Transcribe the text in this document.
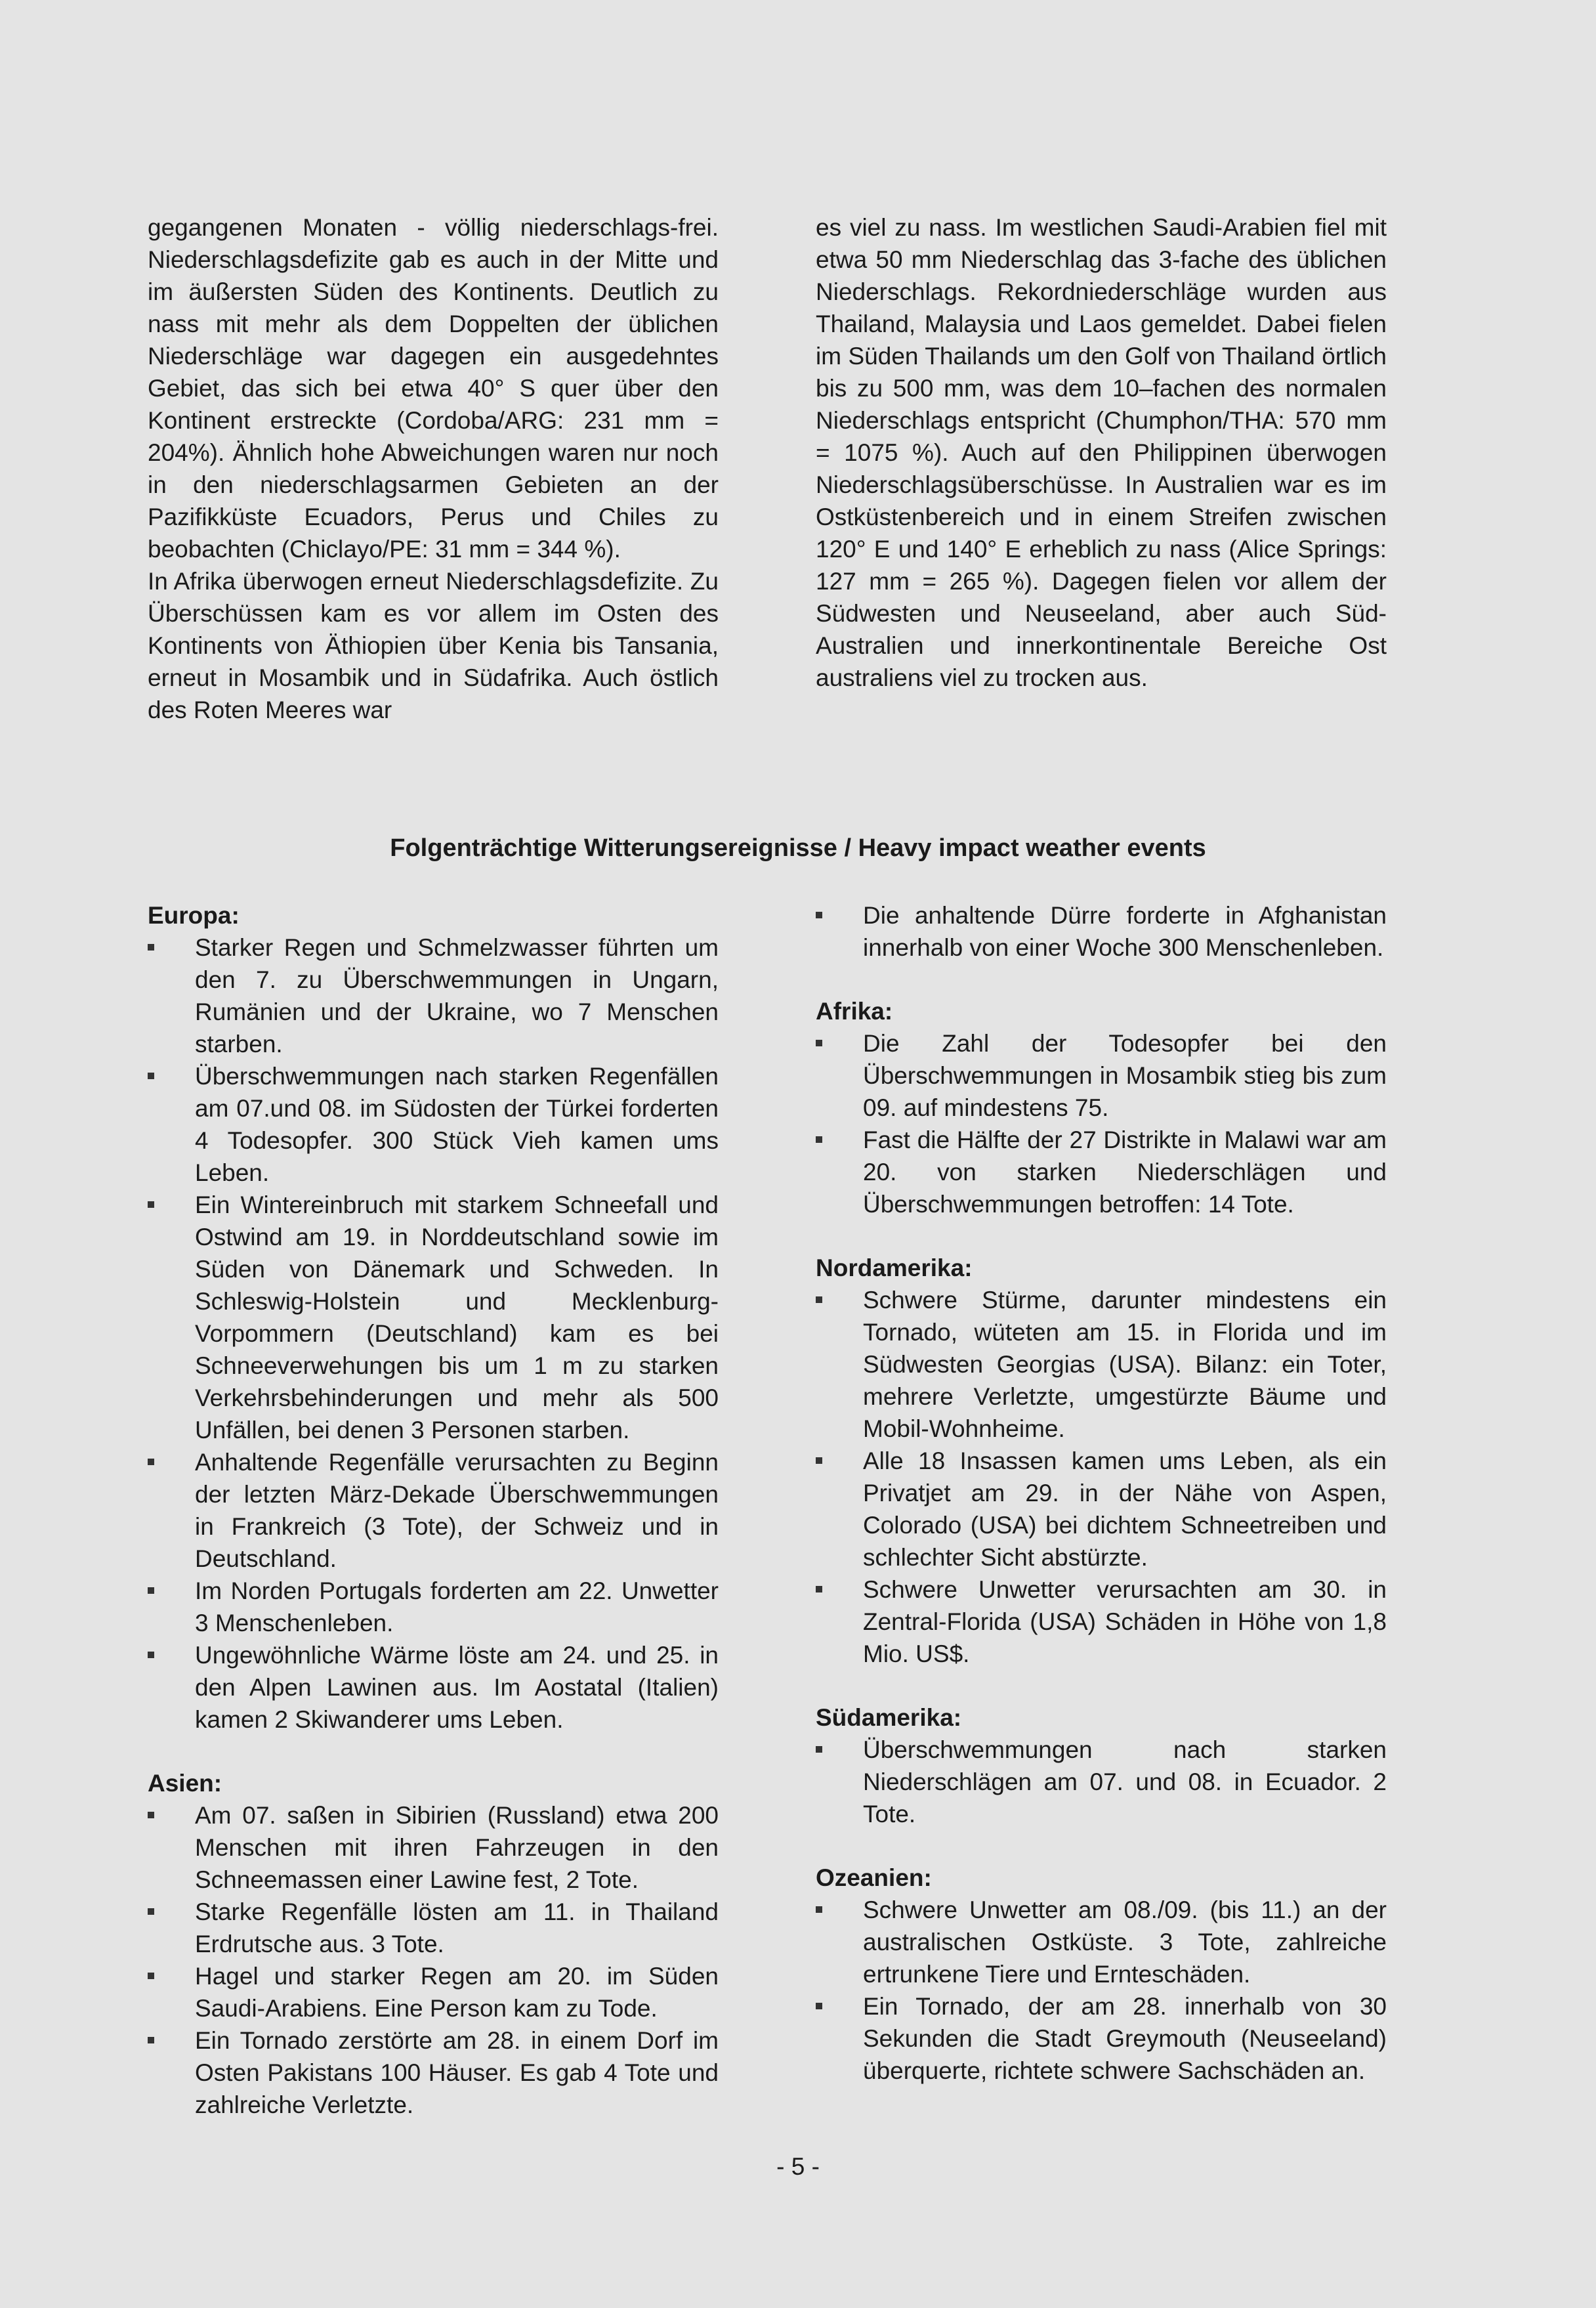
gegangenen Monaten - völlig niederschlags-frei. Niederschlagsdefizite gab es auch in der Mitte und im äußersten Süden des Kontinents. Deutlich zu nass mit mehr als dem Doppelten der üblichen Niederschläge war dagegen ein ausgedehntes Gebiet, das sich bei etwa 40° S quer über den Kontinent erstreckte (Cordoba/ARG: 231 mm = 204%). Ähnlich hohe Abweichungen waren nur noch in den niederschlagsarmen Gebieten an der Pazifikküste Ecuadors, Perus und Chiles zu beobachten (Chiclayo/PE: 31 mm = 344 %).

In Afrika überwogen erneut Niederschlagsdefizite. Zu Überschüssen kam es vor allem im Osten des Kontinents von Äthiopien über Kenia bis Tansania, erneut in Mosambik und in Südafrika. Auch östlich des Roten Meeres war

es viel zu nass. Im westlichen Saudi-Arabien fiel mit etwa 50 mm Niederschlag das 3-fache des üblichen Niederschlags. Rekordniederschläge wurden aus Thailand, Malaysia und Laos gemeldet. Dabei fielen im Süden Thailands um den Golf von Thailand örtlich bis zu 500 mm, was dem 10–fachen des normalen Niederschlags entspricht (Chumphon/THA: 570 mm = 1075 %). Auch auf den Philippinen überwogen Niederschlagsüberschüsse. In Australien war es im Ostküstenbereich und in einem Streifen zwischen 120° E und 140° E erheblich zu nass (Alice Springs: 127 mm = 265 %). Dagegen fielen vor allem der Südwesten und Neuseeland, aber auch Süd-Australien und innerkontinentale Bereiche Ost australiens viel zu trocken aus.

Folgenträchtige Witterungsereignisse / Heavy impact weather events
Europa:
Starker Regen und Schmelzwasser führten um den 7. zu Überschwemmungen in Ungarn, Rumänien und der Ukraine, wo 7 Menschen starben.
Überschwemmungen nach starken Regenfällen am 07.und 08. im Südosten der Türkei forderten 4 Todesopfer. 300 Stück Vieh kamen ums Leben.
Ein Wintereinbruch mit starkem Schneefall und Ostwind am 19. in Norddeutschland sowie im Süden von Dänemark und Schweden. In Schleswig-Holstein und Mecklenburg-Vorpommern (Deutschland) kam es bei Schneeverwehungen bis um 1 m zu starken Verkehrsbehinderungen und mehr als 500 Unfällen, bei denen 3 Personen starben.
Anhaltende Regenfälle verursachten zu Beginn der letzten März-Dekade Überschwemmungen in Frankreich (3 Tote), der Schweiz und in Deutschland.
Im Norden Portugals forderten am 22. Unwetter 3 Menschenleben.
Ungewöhnliche Wärme löste am 24. und 25. in den Alpen Lawinen aus. Im Aostatal (Italien) kamen 2 Skiwanderer ums Leben.
Asien:
Am 07. saßen in Sibirien (Russland) etwa 200 Menschen mit ihren Fahrzeugen in den Schneemassen einer Lawine fest, 2 Tote.
Starke Regenfälle lösten am 11. in Thailand Erdrutsche aus. 3 Tote.
Hagel und starker Regen am 20. im Süden Saudi-Arabiens. Eine Person kam zu Tode.
Ein Tornado zerstörte am 28. in einem Dorf im Osten Pakistans 100 Häuser. Es gab 4 Tote und zahlreiche Verletzte.
Die anhaltende Dürre forderte in Afghanistan innerhalb von einer Woche 300 Menschenleben.
Afrika:
Die Zahl der Todesopfer bei den Überschwemmungen in Mosambik stieg bis zum 09. auf mindestens 75.
Fast die Hälfte der 27 Distrikte in Malawi war am 20. von starken Niederschlägen und Überschwemmungen betroffen: 14 Tote.
Nordamerika:
Schwere Stürme, darunter mindestens ein Tornado, wüteten am 15. in Florida und im Südwesten Georgias (USA). Bilanz: ein Toter, mehrere Verletzte, umgestürzte Bäume und Mobil-Wohnheime.
Alle 18 Insassen kamen ums Leben, als ein Privatjet am 29. in der Nähe von Aspen, Colorado (USA) bei dichtem Schneetreiben und schlechter Sicht abstürzte.
Schwere Unwetter verursachten am 30. in Zentral-Florida (USA) Schäden in Höhe von 1,8 Mio. US$.
Südamerika:
Überschwemmungen nach starken Niederschlägen am 07. und 08. in Ecuador. 2 Tote.
Ozeanien:
Schwere Unwetter am 08./09. (bis 11.) an der australischen Ostküste. 3 Tote, zahlreiche ertrunkene Tiere und Ernteschäden.
Ein Tornado, der am 28. innerhalb von 30 Sekunden die Stadt Greymouth (Neuseeland) überquerte, richtete schwere Sachschäden an.
- 5 -
